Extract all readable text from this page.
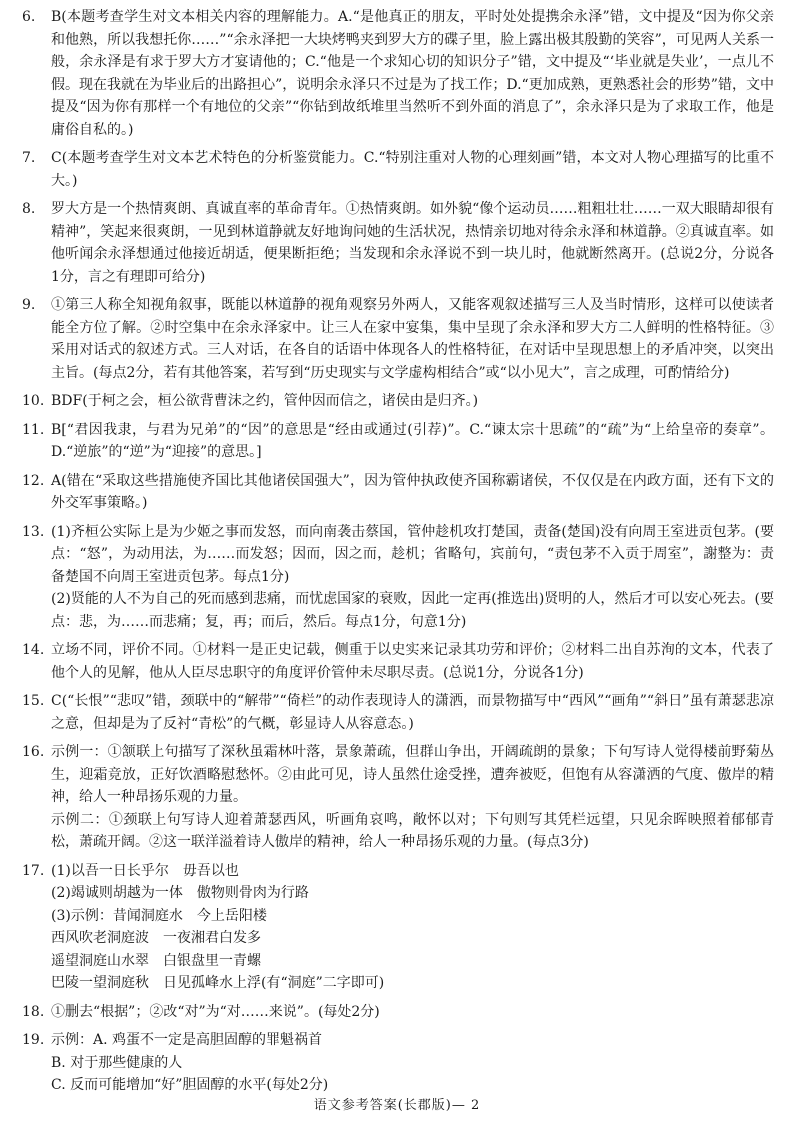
6.	B(本题考查学生对文本相关内容的理解能力。A.“是他真正的朋友，平时处处提携余永泽”错，文中提及“因为你父亲和他熟，所以我想托你……”“余永泽把一大块烤鸭夹到罗大方的碟子里，脸上露出极其殷勤的笑容”，可见两人关系一般，余永泽是有求于罗大方才宴请他的；C.“他是一个求知心切的知识分子”错，文中提及“‘毕业就是失业’，一点儿不假。现在我就在为毕业后的出路担心”，说明余永泽只不过是为了找工作；D.“更加成熟，更熟悉社会的形势”错，文中提及“因为你有那样一个有地位的父亲”“你钻到故纸堆里当然听不到外面的消息了”，余永泽只是为了求取工作，他是庸俗自私的。)
7.	C(本题考查学生对文本艺术特色的分析鉴赏能力。C.“特别注重对人物的心理刻画”错，本文对人物心理描写的比重不大。)
8.	罗大方是一个热情爽朗、真诚直率的革命青年。①热情爽朗。如外貌“像个运动员……粗粗壮壮……一双大眼睛却很有精神”，笑起来很爽朗，一见到林道静就友好地询问她的生活状况，热情亲切地对待余永泽和林道静。②真诚直率。如他听闻余永泽想通过他接近胡适，便果断拒绝；当发现和余永泽说不到一块儿时，他就断然离开。(总说2分，分说各1分，言之有理即可给分)
9.	①第三人称全知视角叙事，既能以林道静的视角观察另外两人，又能客观叙述描写三人及当时情形，这样可以使读者能全方位了解。②时空集中在余永泽家中。让三人在家中宴集，集中呈现了余永泽和罗大方二人鲜明的性格特征。③采用对话式的叙述方式。三人对话，在各自的话语中体现各人的性格特征，在对话中呈现思想上的矛盾冲突，以突出主旨。(每点2分，若有其他答案，若写到“历史现实与文学虚构相结合”或“以小见大”，言之成理，可酌情给分)
10. BDF(于柯之会，桓公欲背曹沫之约，管仲因而信之，诸侯由是归齐。)
11. B[“君因我隶，与君为兄弟”的“因”的意思是“经由或通过(引荐)”。C.“谏太宗十思疏”的“疏”为“上给皇帝的奏章”。D.“逆旅”的“逆”为“迎接”的意思。]
12. A(错在“采取这些措施使齐国比其他诸侯国强大”，因为管仲执政使齐国称霸诸侯，不仅仅是在内政方面，还有下文的外交军事策略。)
13. (1)齐桓公实际上是为少姬之事而发怒，而向南袭击蔡国，管仲趁机攻打楚国，责备(楚国)没有向周王室进贡包茅。(要点：“怒”，为动用法，为……而发怒；因而，因之而，趁机；省略句，宾前句，“责包茅不入贡于周室”，謝整为：责备楚国不向周王室进贡包茅。每点1分)
(2)贤能的人不为自己的死而感到悲痛，而忧虑国家的衰败，因此一定再(推选出)贤明的人，然后才可以安心死去。(要点：悲，为……而悲痛；复，再；而后，然后。每点1分，句意1分)
14. 立场不同，评价不同。①材料一是正史记载，侧重于以史实来记录其功劳和评价；②材料二出自苏洵的文本，代表了他个人的见解，他从人臣尽忠职守的角度评价管仲未尽职尽责。(总说1分，分说各1分)
15. C(“长恨”“悲叹”错，颈联中的“解带”“倚栏”的动作表现诗人的潇洒，而景物描写中“西风”“画角”“斜日”虽有萧瑟悲凉之意，但却是为了反衬“青松”的气概，彰显诗人从容意态。)
16. 示例一：①颔联上句描写了深秋虽霜林叶落，景象萧疏，但群山争出，开阔疏朗的景象；下句写诗人觉得楼前野菊丛生，迎霜竞放，正好饮酒略慰愁怀。②由此可见，诗人虽然仕途受挫，遭奔被贬，但饱有从容潇洒的气度、傲岸的精神，给人一种昂扬乐观的力量。
示例二：①颈联上句写诗人迎着萧瑟西风，听画角哀鸣，敞怀以对；下句则写其凭栏远望，只见余晖映照着郁郁青松，萧疏开阔。②这一联洋溢着诗人傲岸的精神，给人一种昂扬乐观的力量。(每点3分)
17. (1)以吾一日长乎尔　毋吾以也
(2)竭诚则胡越为一体　傲物则骨肉为行路
(3)示例：昔闻洞庭水　今上岳阳楼
西风吹老洞庭波　一夜湘君白发多
遥望洞庭山水翠　白银盘里一青螺
巴陵一望洞庭秋　日见孤峰水上浮(有“洞庭”二字即可)
18. ①删去“根据”；②改“对”为“对……来说”。(每处2分)
19. 示例：A. 鸡蛋不一定是高胆固醇的罪魁祸首
B. 对于那些健康的人
C. 反而可能增加“好”胆固醇的水平(每处2分)
语文参考答案(长郡版)— 2
